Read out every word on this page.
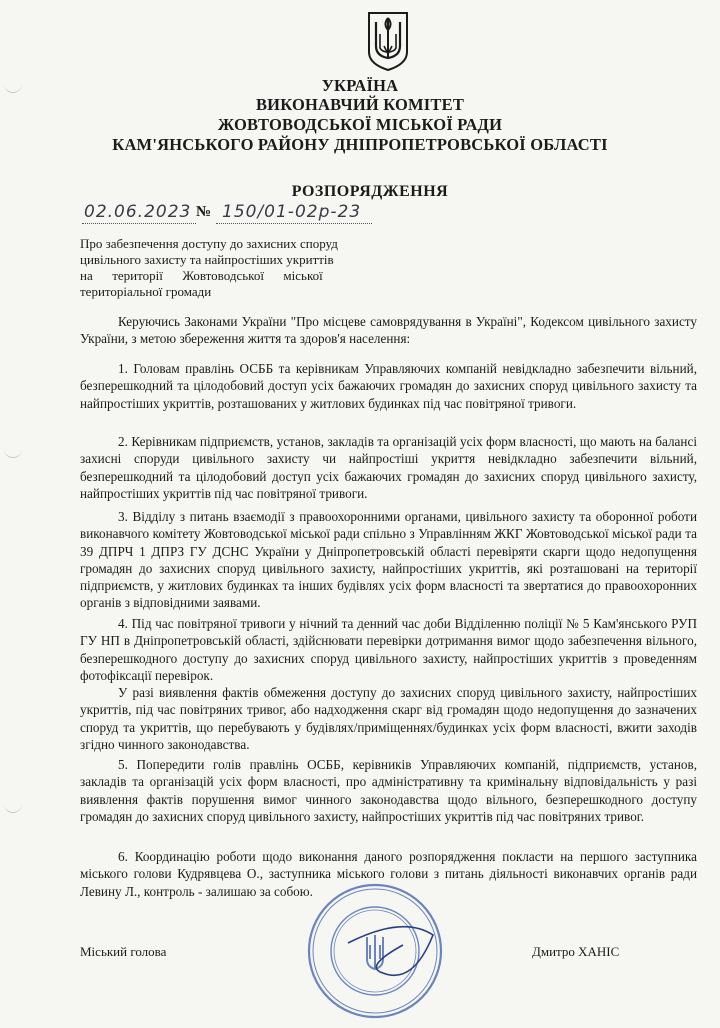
УКРАЇНА
ВИКОНАВЧИЙ КОМІТЕТ
ЖОВТОВОДСЬКОЇ МІСЬКОЇ РАДИ
КАМ'ЯНСЬКОГО РАЙОНУ ДНІПРОПЕТРОВСЬКОЇ ОБЛАСТІ
РОЗПОРЯДЖЕННЯ
02.06.2023 № 150/01-02р-23
Про забезпечення доступу до захисних споруд
цивільного захисту та найпростіших укриттів
на      території      Жовтоводської      міської
територіальної громади

Керуючись Законами України "Про місцеве самоврядування в Україні", Кодексом цивільного захисту України, з метою збереження життя та здоров'я населення:

1. Головам правлінь ОСББ та керівникам Управляючих компаній невідкладно забезпечити вільний, безперешкодний та цілодобовий доступ усіх бажаючих громадян до захисних споруд цивільного захисту та найпростіших укриттів, розташованих у житлових будинках під час повітряної тривоги.

2. Керівникам підприємств, установ, закладів та організацій усіх форм власності, що мають на балансі захисні споруди цивільного захисту чи найпростіші укриття невідкладно забезпечити вільний, безперешкодний та цілодобовий доступ усіх бажаючих громадян до захисних споруд цивільного захисту, найпростіших укриттів під час повітряної тривоги.

3. Відділу з питань взаємодії з правоохоронними органами, цивільного захисту та оборонної роботи виконавчого комітету Жовтоводської міської ради спільно з Управлінням ЖКГ Жовтоводської міської ради та 39 ДПРЧ 1 ДПРЗ ГУ ДСНС України у Дніпропетровській області перевіряти скарги щодо недопущення громадян до захисних споруд цивільного захисту, найпростіших укриттів, які розташовані на території підприємств, у житлових будинках та інших будівлях усіх форм власності та звертатися до правоохоронних органів з відповідними заявами.

4. Під час повітряної тривоги у нічний та денний час доби Відділенню поліції № 5 Кам'янського РУП ГУ НП в Дніпропетровській області, здійснювати перевірки дотримання вимог щодо забезпечення вільного, безперешкодного доступу до захисних споруд цивільного захисту, найпростіших укриттів з проведенням фотофіксації перевірок.

У разі виявлення фактів обмеження доступу до захисних споруд цивільного захисту, найпростіших укриттів, під час повітряних тривог, або надходження скарг від громадян щодо недопущення до зазначених споруд та укриттів, що перебувають у будівлях/приміщеннях/будинках усіх форм власності, вжити заходів згідно чинного законодавства.

5. Попередити голів правлінь ОСББ, керівників Управляючих компаній, підприємств, установ, закладів та організацій усіх форм власності, про адміністративну та кримінальну відповідальність у разі виявлення фактів порушення вимог чинного законодавства щодо вільного, безперешкодного доступу громадян до захисних споруд цивільного захисту, найпростіших укриттів під час повітряних тривог.

6. Координацію роботи щодо виконання даного розпорядження покласти на першого заступника міського голови Кудрявцева О., заступника міського голови з питань діяльності виконавчих органів ради Левину Л., контроль - залишаю за собою.

Міський голова	Дмитро ХАНІС
